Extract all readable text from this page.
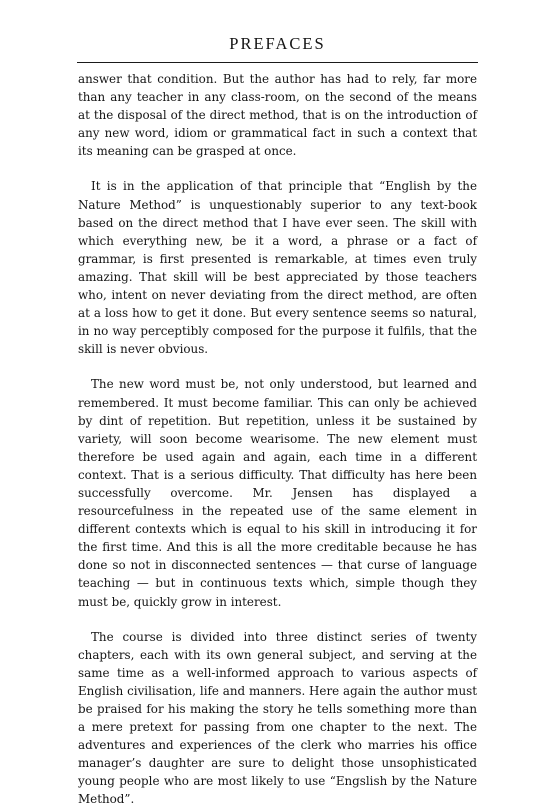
PREFACES

answer that condition. But the author has had to rely, far more than any teacher in any class-room, on the second of the means at the disposal of the direct method, that is on the introduction of any new word, idiom or grammatical fact in such a context that its meaning can be grasped at once.

It is in the application of that principle that “English by the Nature Method” is unquestionably superior to any text-book based on the direct method that I have ever seen. The skill with which everything new, be it a word, a phrase or a fact of grammar, is first presented is remarkable, at times even truly amazing. That skill will be best appreciated by those teachers who, intent on never deviating from the direct method, are often at a loss how to get it done. But every sentence seems so natural, in no way perceptibly composed for the purpose it fulfils, that the skill is never obvious.

The new word must be, not only understood, but learned and remembered. It must become familiar. This can only be achieved by dint of repetition. But repetition, unless it be sustained by variety, will soon become wearisome. The new element must therefore be used again and again, each time in a different context. That is a serious difficulty. That difficulty has here been successfully overcome. Mr. Jensen has displayed a resourcefulness in the repeated use of the same element in different contexts which is equal to his skill in introducing it for the first time. And this is all the more creditable because he has done so not in disconnected sentences — that curse of language teaching — but in continuous texts which, simple though they must be, quickly grow in interest.

The course is divided into three distinct series of twenty chapters, each with its own general subject, and serving at the same time as a well-informed approach to various aspects of English civilisation, life and manners. Here again the author must be praised for his making the story he tells something more than a mere pretext for passing from one chapter to the next. The adventures and experiences of the clerk who marries his office manager’s daughter are sure to delight those unsophisticated young people who are most likely to use “Engslish by the Nature Method”.
